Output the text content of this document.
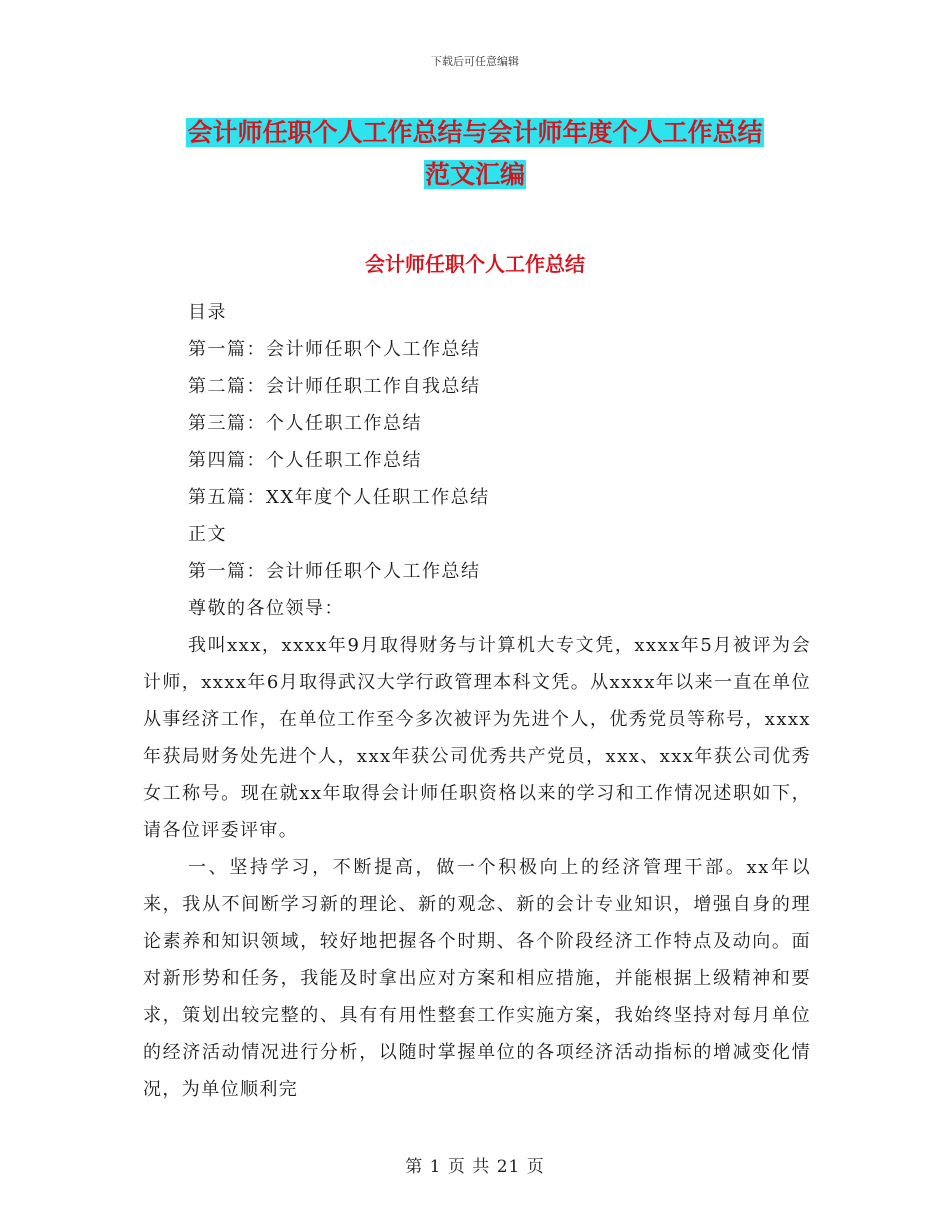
下载后可任意编辑
会计师任职个人工作总结与会计师年度个人工作总结
范文汇编
会计师任职个人工作总结
目录
第一篇：会计师任职个人工作总结
第二篇：会计师任职工作自我总结
第三篇：个人任职工作总结
第四篇：个人任职工作总结
第五篇：XX年度个人任职工作总结
正文
第一篇：会计师任职个人工作总结
尊敬的各位领导：

我叫xxx，xxxx年9月取得财务与计算机大专文凭，xxxx年5月被评为会计师，xxxx年6月取得武汉大学行政管理本科文凭。从xxxx年以来一直在单位从事经济工作，在单位工作至今多次被评为先进个人，优秀党员等称号，xxxx年获局财务处先进个人，xxx年获公司优秀共产党员，xxx、xxx年获公司优秀女工称号。现在就xx年取得会计师任职资格以来的学习和工作情况述职如下，请各位评委评审。

一、坚持学习，不断提高，做一个积极向上的经济管理干部。xx年以来，我从不间断学习新的理论、新的观念、新的会计专业知识，增强自身的理论素养和知识领域，较好地把握各个时期、各个阶段经济工作特点及动向。面对新形势和任务，我能及时拿出应对方案和相应措施，并能根据上级精神和要求，策划出较完整的、具有有用性整套工作实施方案，我始终坚持对每月单位的经济活动情况进行分析，以随时掌握单位的各项经济活动指标的增减变化情况，为单位顺利完

第 1 页 共 21 页
